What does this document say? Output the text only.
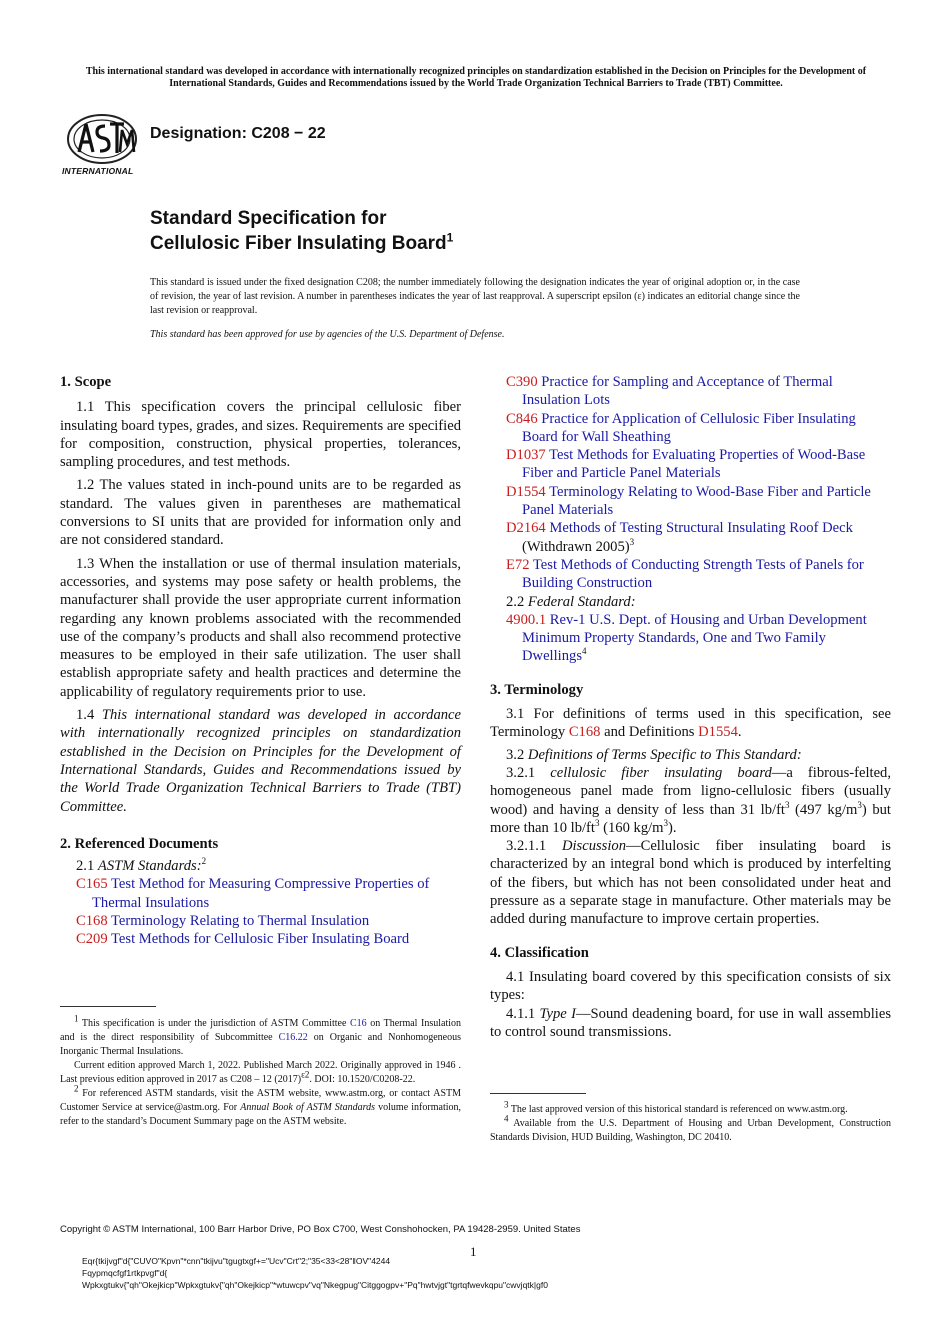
This international standard was developed in accordance with internationally recognized principles on standardization established in the Decision on Principles for the Development of International Standards, Guides and Recommendations issued by the World Trade Organization Technical Barriers to Trade (TBT) Committee.
INTERNATIONAL
Designation: C208 − 22
Standard Specification for
Cellulosic Fiber Insulating Board$^1$
This standard is issued under the fixed designation C208; the number immediately following the designation indicates the year of original adoption or, in the case of revision, the year of last revision. A number in parentheses indicates the year of last reapproval. A superscript epsilon (ε) indicates an editorial change since the last revision or reapproval.
This standard has been approved for use by agencies of the U.S. Department of Defense.
1. Scope

1.1 This specification covers the principal cellulosic fiber insulating board types, grades, and sizes. Requirements are specified for composition, construction, physical properties, tolerances, sampling procedures, and test methods.

1.2 The values stated in inch-pound units are to be regarded as standard. The values given in parentheses are mathematical conversions to SI units that are provided for information only and are not considered standard.

1.3 When the installation or use of thermal insulation materials, accessories, and systems may pose safety or health problems, the manufacturer shall provide the user appropriate current information regarding any known problems associated with the recommended use of the company’s products and shall also recommend protective measures to be employed in their safe utilization. The user shall establish appropriate safety and health practices and determine the applicability of regulatory requirements prior to use.

1.4 This international standard was developed in accordance with internationally recognized principles on standardization established in the Decision on Principles for the Development of International Standards, Guides and Recommendations issued by the World Trade Organization Technical Barriers to Trade (TBT) Committee.

2. Referenced Documents

2.1 ASTM Standards:$^2$

C165 Test Method for Measuring Compressive Properties of Thermal Insulations
C168 Terminology Relating to Thermal Insulation
C209 Test Methods for Cellulosic Fiber Insulating Board

$^1$ This specification is under the jurisdiction of ASTM Committee C16 on Thermal Insulation and is the direct responsibility of Subcommittee C16.22 on Organic and Nonhomogeneous Inorganic Thermal Insulations.

Current edition approved March 1, 2022. Published March 2022. Originally approved in 1946 . Last previous edition approved in 2017 as C208 – 12 $(2017)^{\varepsilon 2}$. DOI: 10.1520/C0208-22.

$^2$ For referenced ASTM standards, visit the ASTM website, www.astm.org, or contact ASTM Customer Service at service@astm.org. For Annual Book of ASTM Standards volume information, refer to the standard’s Document Summary page on the ASTM website.

C390 Practice for Sampling and Acceptance of Thermal Insulation Lots
C846 Practice for Application of Cellulosic Fiber Insulating Board for Wall Sheathing
D1037 Test Methods for Evaluating Properties of Wood-Base Fiber and Particle Panel Materials
D1554 Terminology Relating to Wood-Base Fiber and Particle Panel Materials
D2164 Methods of Testing Structural Insulating Roof Deck (Withdrawn 2005)$^3$
E72 Test Methods of Conducting Strength Tests of Panels for Building Construction

2.2 Federal Standard:

4900.1 Rev-1 U.S. Dept. of Housing and Urban Development Minimum Property Standards, One and Two Family Dwellings$^4$
3. Terminology

3.1 For definitions of terms used in this specification, see Terminology C168 and Definitions D1554.

3.2 Definitions of Terms Specific to This Standard:

3.2.1 cellulosic fiber insulating board—a fibrous-felted, homogeneous panel made from ligno-cellulosic fibers (usually wood) and having a density of less than 31 $lb/ft^3$ (497 $kg/m^3$) but more than 10 $lb/ft^3$ (160 $kg/m^3$).

3.2.1.1 Discussion—Cellulosic fiber insulating board is characterized by an integral bond which is produced by interfelting of the fibers, but which has not been consolidated under heat and pressure as a separate stage in manufacture. Other materials may be added during manufacture to improve certain properties.

4. Classification

4.1 Insulating board covered by this specification consists of six types:

4.1.1 Type I—Sound deadening board, for use in wall assemblies to control sound transmissions.

$^3$ The last approved version of this historical standard is referenced on www.astm.org.

$^4$ Available from the U.S. Department of Housing and Urban Development, Construction Standards Division, HUD Building, Washington, DC 20410.

Copyright © ASTM International, 100 Barr Harbor Drive, PO Box C700, West Conshohocken, PA 19428-2959. United States
1
Eqr{tkijvgf"d{"CUVO"Kpvn"*cnn"tkijvu"tgugtxgf+="Ucv"Crt"2;"35<33<28"‖OV"4244
Fqypmqcfgf1rtkpvgf"d{
Wpkxgtukv{"qh"Okejkicp"Wpkxgtukv{"qh"Okejkicp"*wtuwcpv"vq"Nkegpug"Citggogpv+"Pq"hwtvjgt"tgrtqfwevkqpu"cwvjqtk|gf0
